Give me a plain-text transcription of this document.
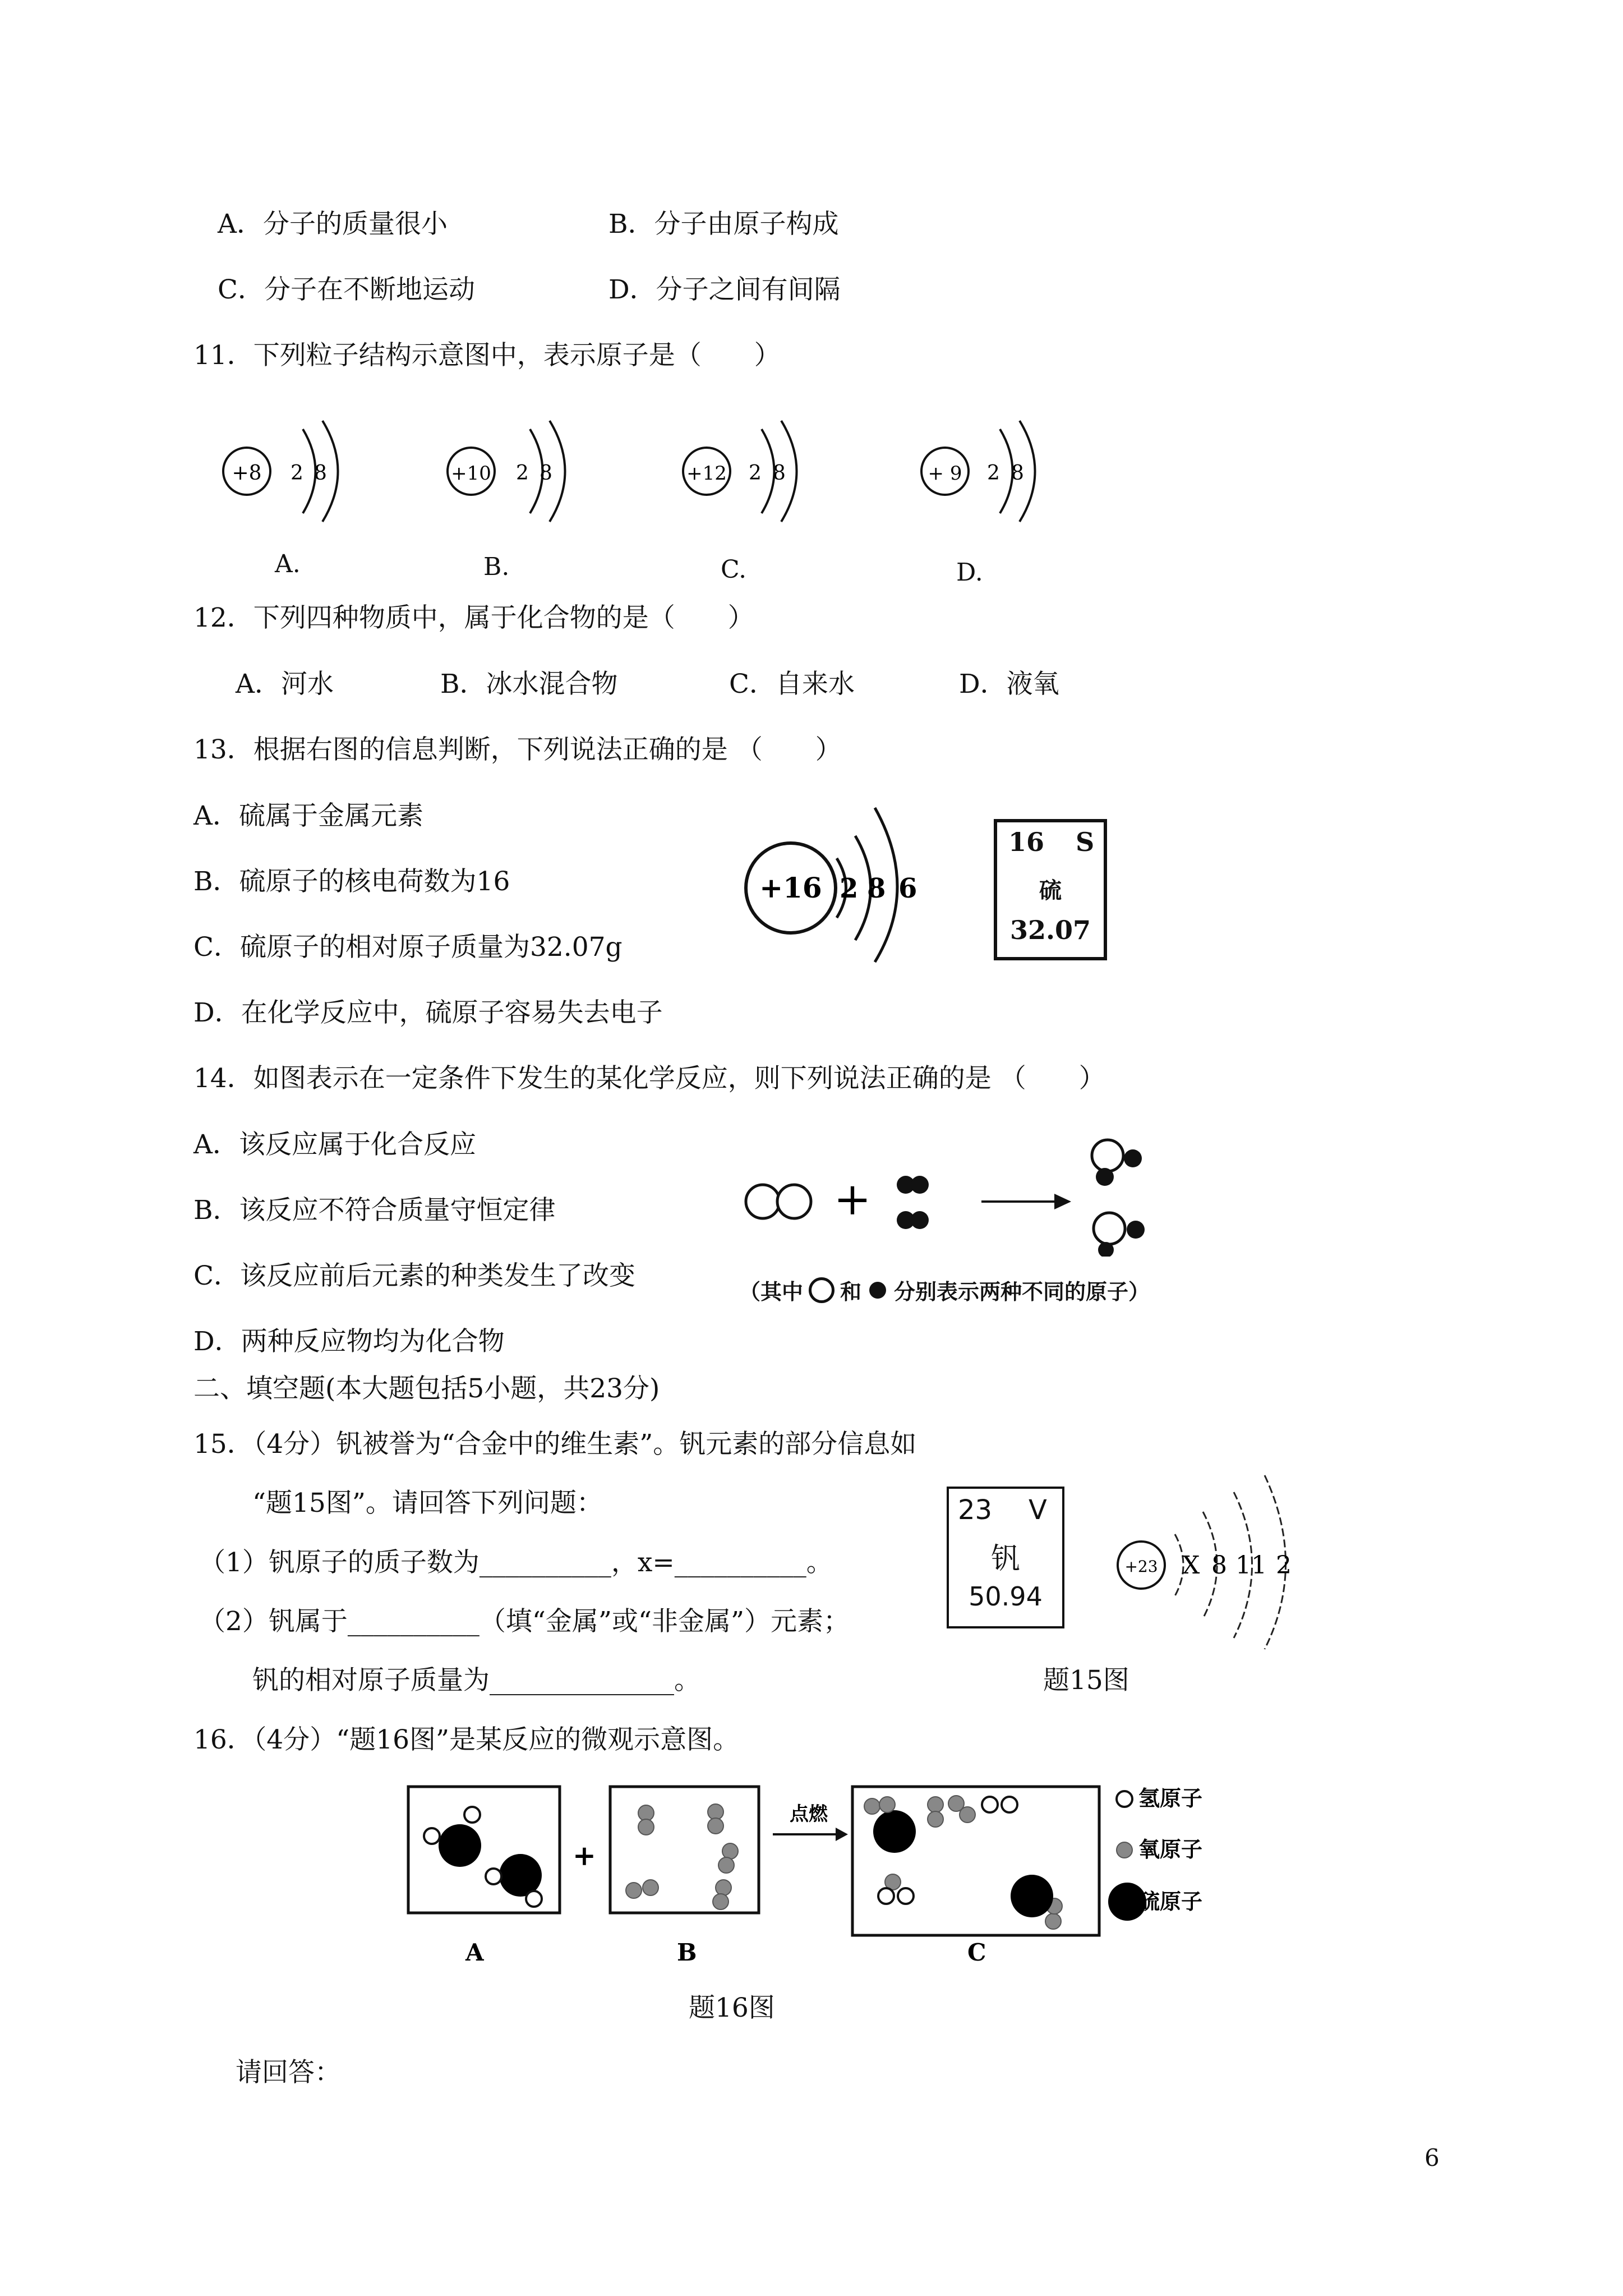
A．分子的质量很小	B．分子由原子构成
C．分子在不断地运动	D．分子之间有间隔
11．下列粒子结构示意图中，表示原子是（　　）
+8 2 8	+10 2 8	+12 2 8	+ 9 2 8
A.	B.	C.	D.
12．下列四种物质中，属于化合物的是（　　）
A．河水	B．冰水混合物	C．自来水	D．液氧
13．根据右图的信息判断，下列说法正确的是 （　　）
A．硫属于金属元素
B．硫原子的核电荷数为16
C．硫原子的相对原子质量为32.07g
D．在化学反应中，硫原子容易失去电子
+16 2 8 6
16 S
硫
32.07
14．如图表示在一定条件下发生的某化学反应，则下列说法正确的是 （　　）
A．该反应属于化合反应
B．该反应不符合质量守恒定律
C．该反应前后元素的种类发生了改变
D．两种反应物均为化合物
+
（其中 和 分别表示两种不同的原子）
二、填空题(本大题包括5小题，共23分)
15．（4分）钒被誉为“合金中的维生素”。钒元素的部分信息如
“题15图”。请回答下列问题：
（1）钒原子的质子数为__________，x=__________。
（2）钒属于__________（填“金属”或“非金属”）元素；
钒的相对原子质量为______________。
23 V
钒
50.94
+23 X 8 11 2
题15图
16．（4分）“题16图”是某反应的微观示意图。
+
点燃
氢原子
氧原子
硫原子
A	B	C
题16图
请回答：
6
